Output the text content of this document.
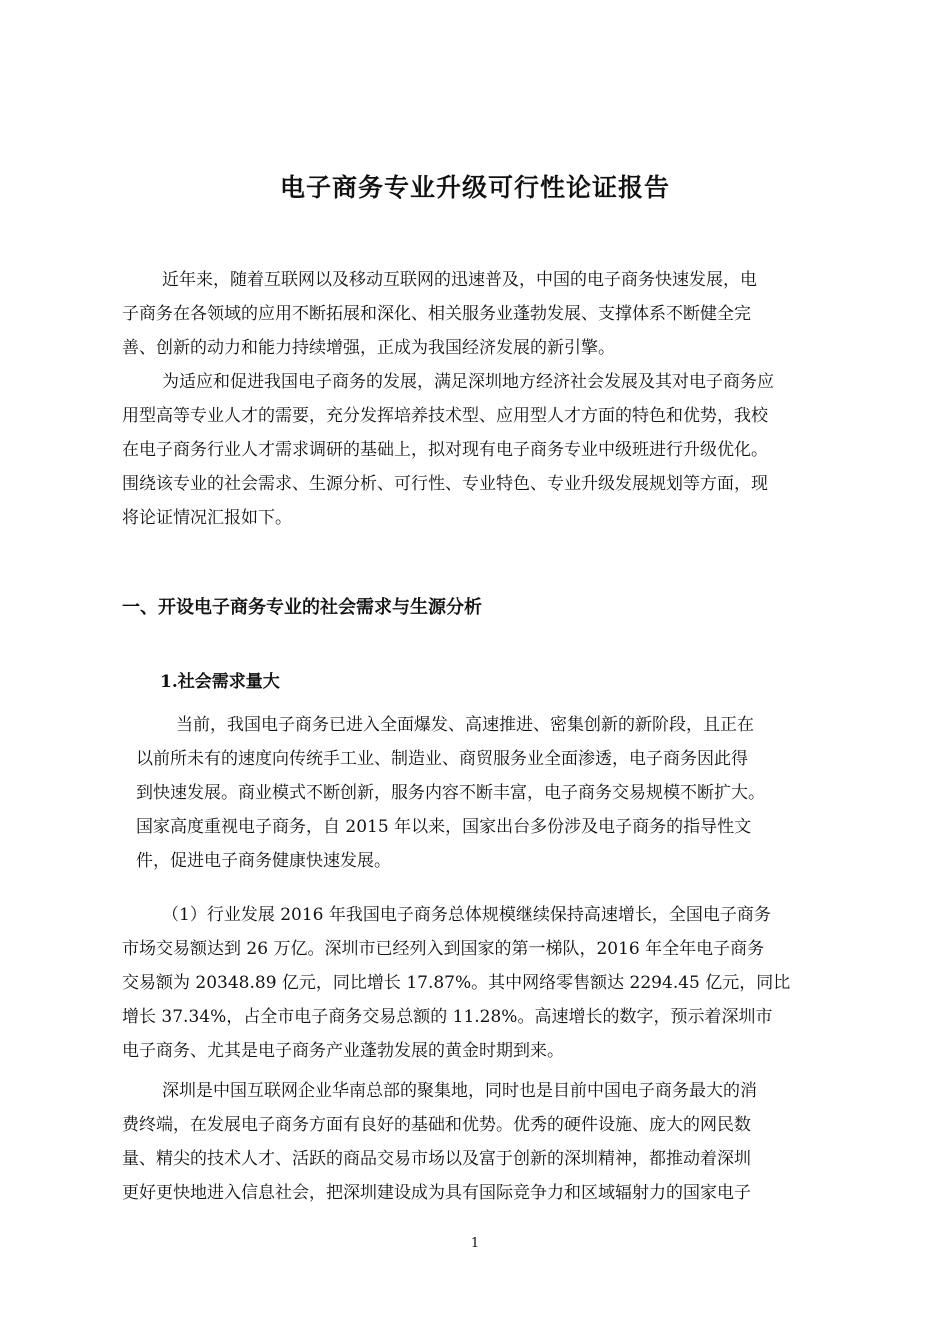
电子商务专业升级可行性论证报告
近年来，随着互联网以及移动互联网的迅速普及，中国的电子商务快速发展，电
子商务在各领域的应用不断拓展和深化、相关服务业蓬勃发展、支撑体系不断健全完
善、创新的动力和能力持续增强，正成为我国经济发展的新引擎。
为适应和促进我国电子商务的发展，满足深圳地方经济社会发展及其对电子商务应
用型高等专业人才的需要，充分发挥培养技术型、应用型人才方面的特色和优势，我校
在电子商务行业人才需求调研的基础上，拟对现有电子商务专业中级班进行升级优化。
围绕该专业的社会需求、生源分析、可行性、专业特色、专业升级发展规划等方面，现
将论证情况汇报如下。
一、开设电子商务专业的社会需求与生源分析
1.社会需求量大
当前，我国电子商务已进入全面爆发、高速推进、密集创新的新阶段，且正在
以前所未有的速度向传统手工业、制造业、商贸服务业全面渗透，电子商务因此得
到快速发展。商业模式不断创新，服务内容不断丰富，电子商务交易规模不断扩大。
国家高度重视电子商务，自 2015 年以来，国家出台多份涉及电子商务的指导性文
件，促进电子商务健康快速发展。
（1）行业发展 2016 年我国电子商务总体规模继续保持高速增长，全国电子商务
市场交易额达到 26 万亿。深圳市已经列入到国家的第一梯队，2016 年全年电子商务
交易额为 20348.89 亿元，同比增长 17.87%。其中网络零售额达 2294.45 亿元，同比
增长 37.34%，占全市电子商务交易总额的 11.28%。高速增长的数字，预示着深圳市
电子商务、尤其是电子商务产业蓬勃发展的黄金时期到来。
深圳是中国互联网企业华南总部的聚集地，同时也是目前中国电子商务最大的消
费终端，在发展电子商务方面有良好的基础和优势。优秀的硬件设施、庞大的网民数
量、精尖的技术人才、活跃的商品交易市场以及富于创新的深圳精神，都推动着深圳
更好更快地进入信息社会，把深圳建设成为具有国际竞争力和区域辐射力的国家电子
1
